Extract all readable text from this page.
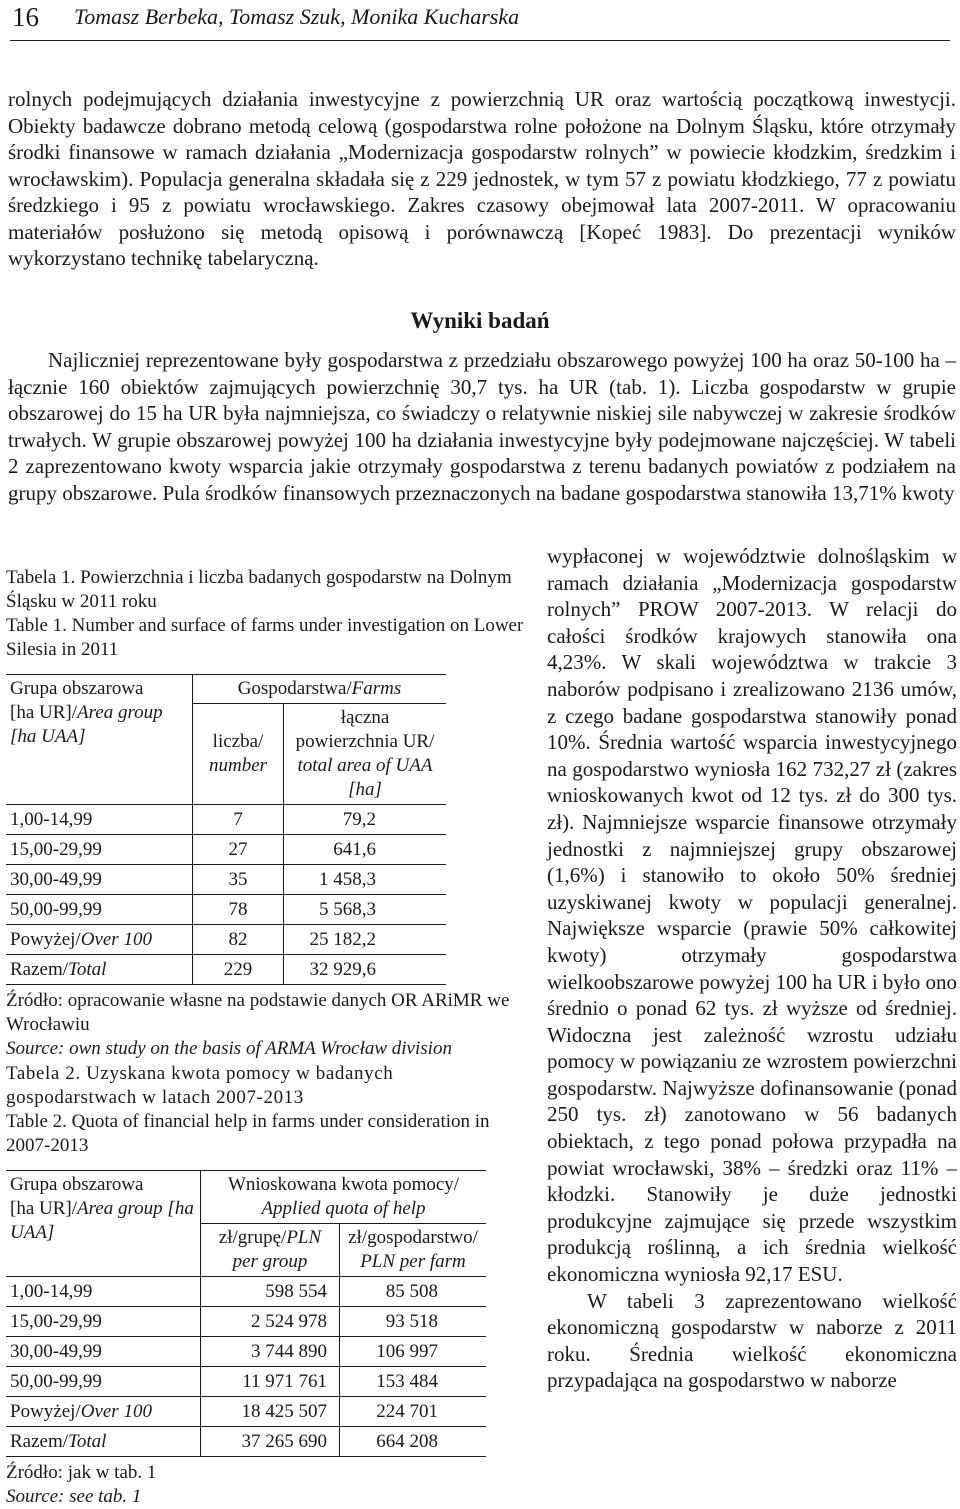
16 Tomasz Berbeka, Tomasz Szuk, Monika Kucharska

rolnych podejmujących działania inwestycyjne z powierzchnią UR oraz wartością początkową inwestycji. Obiekty badawcze dobrano metodą celową (gospodarstwa rolne położone na Dolnym Śląsku, które otrzymały środki finansowe w ramach działania „Modernizacja gospodarstw rolnych” w powiecie kłodzkim, średzkim i wrocławskim). Populacja generalna składała się z 229 jednostek, w tym 57 z powiatu kłodzkiego, 77 z powiatu średzkiego i 95 z powiatu wrocławskiego. Zakres czasowy obejmował lata 2007-2011. W opracowaniu materiałów posłużono się metodą opisową i porównawczą [Kopeć 1983]. Do prezentacji wyników wykorzystano technikę tabelaryczną.

Wyniki badań

Najliczniej reprezentowane były gospodarstwa z przedziału obszarowego powyżej 100 ha oraz 50-100 ha – łącznie 160 obiektów zajmujących powierzchnię 30,7 tys. ha UR (tab. 1). Liczba gospodarstw w grupie obszarowej do 15 ha UR była najmniejsza, co świadczy o relatywnie niskiej sile nabywczej w zakresie środków trwałych. W grupie obszarowej powyżej 100 ha działania inwestycyjne były podejmowane najczęściej. W tabeli 2 zaprezentowano kwoty wsparcia jakie otrzymały gospodarstwa z terenu badanych powiatów z podziałem na grupy obszarowe. Pula środków finansowych przeznaczonych na badane gospodarstwa stanowiła 13,71% kwoty

Tabela 1. Powierzchnia i liczba badanych gospodarstw na Dolnym Śląsku w 2011 roku

Table 1. Number and surface of farms under investigation on Lower Silesia in 2011

Grupa obszarowa
[ha UR]/Area group [ha UAA]	Gospodarstwa/Farms	
	liczba/
number	łączna powierzchnia UR/
total area of UAA [ha]
1,00-14,99	7	79,2
15,00-29,99	27	641,6
30,00-49,99	35	1 458,3
50,00-99,99	78	5 568,3
Powyżej/Over 100	82	25 182,2
Razem/Total	229	32 929,6

Źródło: opracowanie własne na podstawie danych OR ARiMR we Wrocławiu

Source: own study on the basis of ARMA Wrocław division

Tabela 2. Uzyskana kwota pomocy w badanych gospodarstwach w latach 2007-2013

Table 2. Quota of financial help in farms under consideration in 2007-2013

Grupa obszarowa
[ha UR]/Area group [ha UAA]	Wnioskowana kwota pomocy/
Applied quota of help	
	zł/grupę/PLN per group	zł/gospodarstwo/
PLN per farm
1,00-14,99	598 554	85 508
15,00-29,99	2 524 978	93 518
30,00-49,99	3 744 890	106 997
50,00-99,99	11 971 761	153 484
Powyżej/Over 100	18 425 507	224 701
Razem/Total	37 265 690	664 208

Źródło: jak w tab. 1

Source: see tab. 1

wypłaconej w województwie dolnośląskim w ramach działania „Modernizacja gospodarstw rolnych” PROW 2007-2013. W relacji do całości środków krajowych stanowiła ona 4,23%. W skali województwa w trakcie 3 naborów podpisano i zrealizowano 2136 umów, z czego badane gospodarstwa stanowiły ponad 10%. Średnia wartość wsparcia inwestycyjnego na gospodarstwo wyniosła 162 732,27 zł (zakres wnioskowanych kwot od 12 tys. zł do 300 tys. zł). Najmniejsze wsparcie finansowe otrzymały jednostki z najmniejszej grupy obszarowej (1,6%) i stanowiło to około 50% średniej uzyskiwanej kwoty w populacji generalnej. Największe wsparcie (prawie 50% całkowitej kwoty) otrzymały gospodarstwa wielkoobszarowe powyżej 100 ha UR i było ono średnio o ponad 62 tys. zł wyższe od średniej. Widoczna jest zależność wzrostu udziału pomocy w powiązaniu ze wzrostem powierzchni gospodarstw. Najwyższe dofinansowanie (ponad 250 tys. zł) zanotowano w 56 badanych obiektach, z tego ponad połowa przypadła na powiat wrocławski, 38% – średzki oraz 11% – kłodzki. Stanowiły je duże jednostki produkcyjne zajmujące się przede wszystkim produkcją roślinną, a ich średnia wielkość ekonomiczna wyniosła 92,17 ESU.
W tabeli 3 zaprezentowano wielkość ekonomiczną gospodarstw w naborze z 2011 roku. Średnia wielkość ekonomiczna przypadająca na gospodarstwo w naborze
